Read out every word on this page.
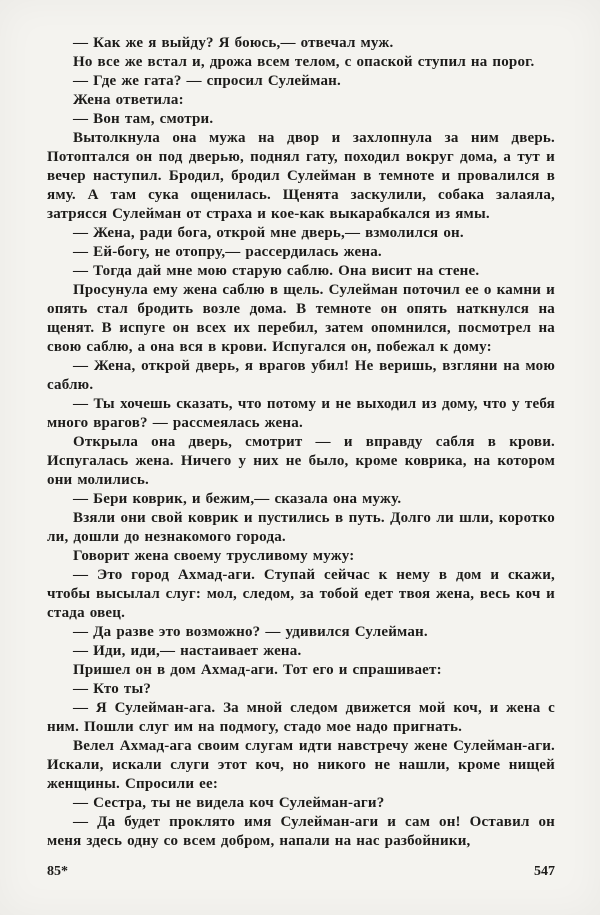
— Как же я выйду? Я боюсь,— отвечал муж.

Но все же встал и, дрожа всем телом, с опаской ступил на порог.

— Где же гата? — спросил Сулейман.

Жена ответила:

— Вон там, смотри.

Вытолкнула она мужа на двор и захлопнула за ним дверь. Потоптался он под дверью, поднял гату, походил вокруг дома, а тут и вечер наступил. Бродил, бродил Сулейман в темноте и провалился в яму. А там сука ощенилась. Щенята заскулили, собака залаяла, затрясся Сулейман от страха и кое-как выкарабкался из ямы.

— Жена, ради бога, открой мне дверь,— взмолился он.

— Ей-богу, не отопру,— рассердилась жена.

— Тогда дай мне мою старую саблю. Она висит на стене.

Просунула ему жена саблю в щель. Сулейман поточил ее о камни и опять стал бродить возле дома. В темноте он опять наткнулся на щенят. В испуге он всех их перебил, затем опомнился, посмотрел на свою саблю, а она вся в крови. Испугался он, побежал к дому:

— Жена, открой дверь, я врагов убил! Не веришь, взгляни на мою саблю.

— Ты хочешь сказать, что потому и не выходил из дому, что у тебя много врагов? — рассмеялась жена.

Открыла она дверь, смотрит — и вправду сабля в крови. Испугалась жена. Ничего у них не было, кроме коврика, на котором они молились.

— Бери коврик, и бежим,— сказала она мужу.

Взяли они свой коврик и пустились в путь. Долго ли шли, коротко ли, дошли до незнакомого города.

Говорит жена своему трусливому мужу:

— Это город Ахмад-аги. Ступай сейчас к нему в дом и скажи, чтобы высылал слуг: мол, следом, за тобой едет твоя жена, весь коч и стада овец.

— Да разве это возможно? — удивился Сулейман.

— Иди, иди,— настаивает жена.

Пришел он в дом Ахмад-аги. Тот его и спрашивает:

— Кто ты?

— Я Сулейман-ага. За мной следом движется мой коч, и жена с ним. Пошли слуг им на подмогу, стадо мое надо пригнать.

Велел Ахмад-ага своим слугам идти навстречу жене Сулейман-аги. Искали, искали слуги этот коч, но никого не нашли, кроме нищей женщины. Спросили ее:

— Сестра, ты не видела коч Сулейман-аги?

— Да будет проклято имя Сулейман-аги и сам он! Оставил он меня здесь одну со всем добром, напали на нас разбойники,

85*	547
